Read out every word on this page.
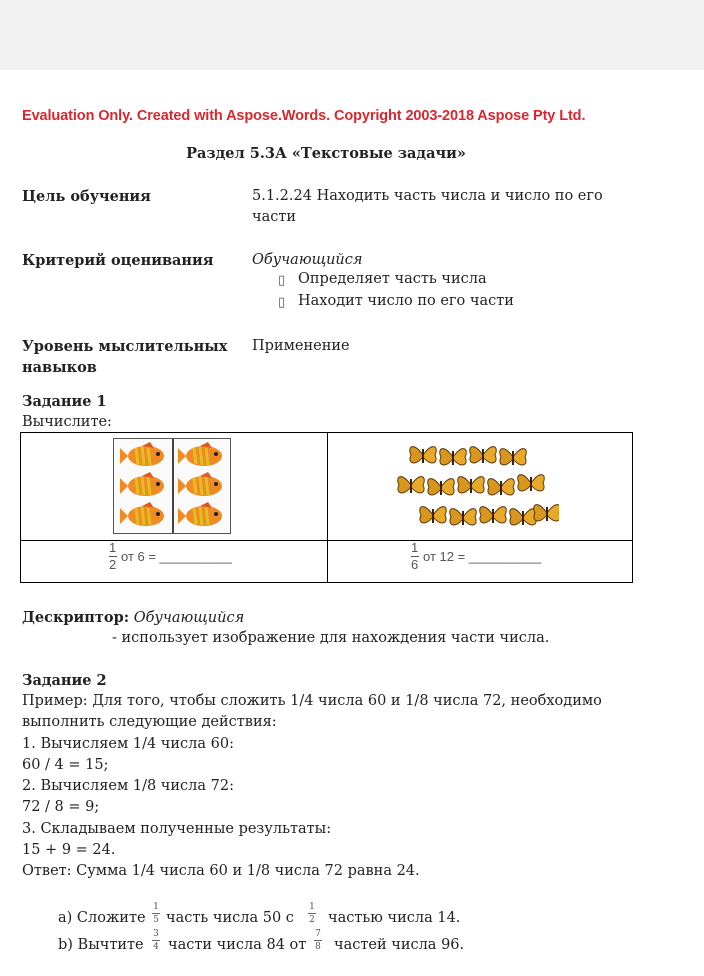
Evaluation Only. Created with Aspose.Words. Copyright 2003-2018 Aspose Pty Ltd.
Раздел 5.3А «Текстовые задачи»
Цель обучения	5.1.2.24 Находить часть числа и число по его
части
Критерий оценивания	Обучающийся
▯ Определяет часть числа
▯ Находит число по его части
Уровень мыслительных
навыков
Применение
Задание 1
Вычислите:
1
2
от 6 = __________
1
6
от 12 = __________
Дескриптор: Обучающийся
- использует изображение для нахождения части числа.
Задание 2
Пример: Для того, чтобы сложить 1/4 числа 60 и 1/8 числа 72, необходимо
выполнить следующие действия:
1. Вычисляем 1/4 числа 60:
60 / 4 = 15;
2. Вычисляем 1/8 числа 72:
72 / 8 = 9;
3. Складываем полученные результаты:
15 + 9 = 24.
Ответ: Сумма 1/4 числа 60 и 1/8 числа 72 равна 24.
a) Сложите
1
5 часть числа 50 с
1
2 частью числа 14.
b) Вычтите
3
4 части числа 84 от
7
8 частей числа 96.
